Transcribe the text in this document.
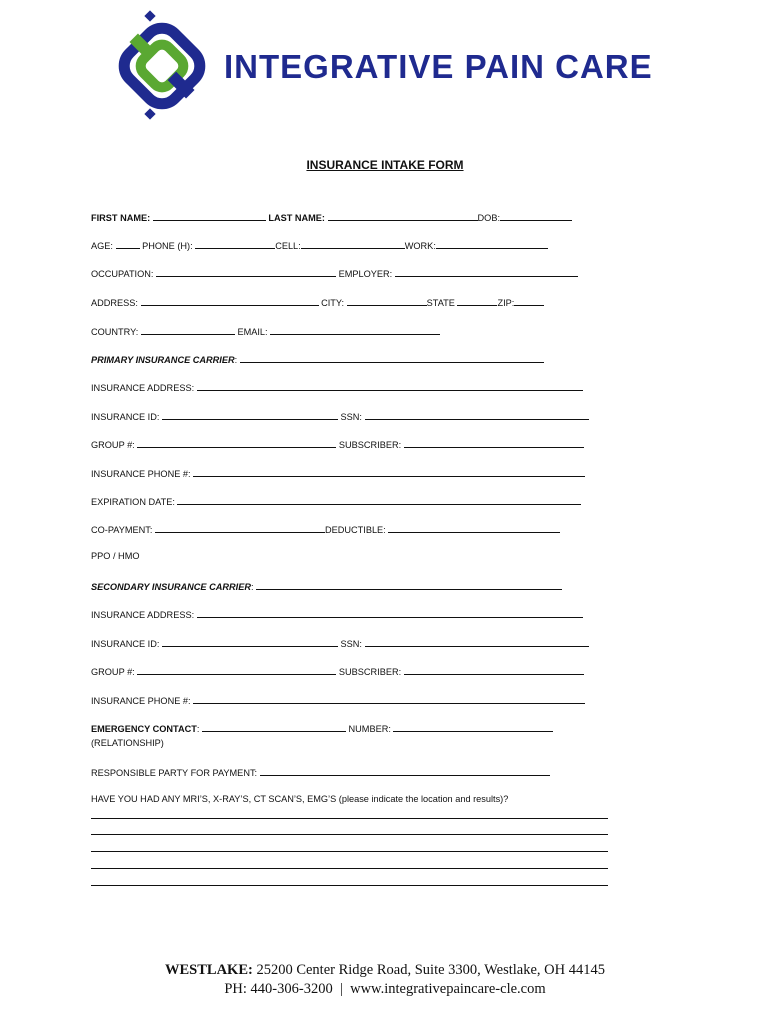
INTEGRATIVE PAIN CARE
INSURANCE INTAKE FORM
FIRST NAME:	LAST NAME:	DOB:
AGE:	PHONE (H):	CELL:	WORK:
OCCUPATION:	EMPLOYER:
ADDRESS:	CITY:	STATE	ZIP:
COUNTRY:	EMAIL:
PRIMARY INSURANCE CARRIER:
INSURANCE ADDRESS:
INSURANCE ID:	SSN:
GROUP #:	SUBSCRIBER:
INSURANCE PHONE #:
EXPIRATION DATE:
CO-PAYMENT:	DEDUCTIBLE:
PPO / HMO
SECONDARY INSURANCE CARRIER:
INSURANCE ADDRESS:
INSURANCE ID:	SSN:
GROUP #:	SUBSCRIBER:
INSURANCE PHONE #:
EMERGENCY CONTACT:	NUMBER:
(RELATIONSHIP)
RESPONSIBLE PARTY FOR PAYMENT:
HAVE YOU HAD ANY MRI’S, X-RAY’S, CT SCAN’S, EMG’S (please indicate the location and results)?
WESTLAKE: 25200 Center Ridge Road, Suite 3300, Westlake, OH 44145
PH: 440-306-3200 | www.integrativepaincare-cle.com
